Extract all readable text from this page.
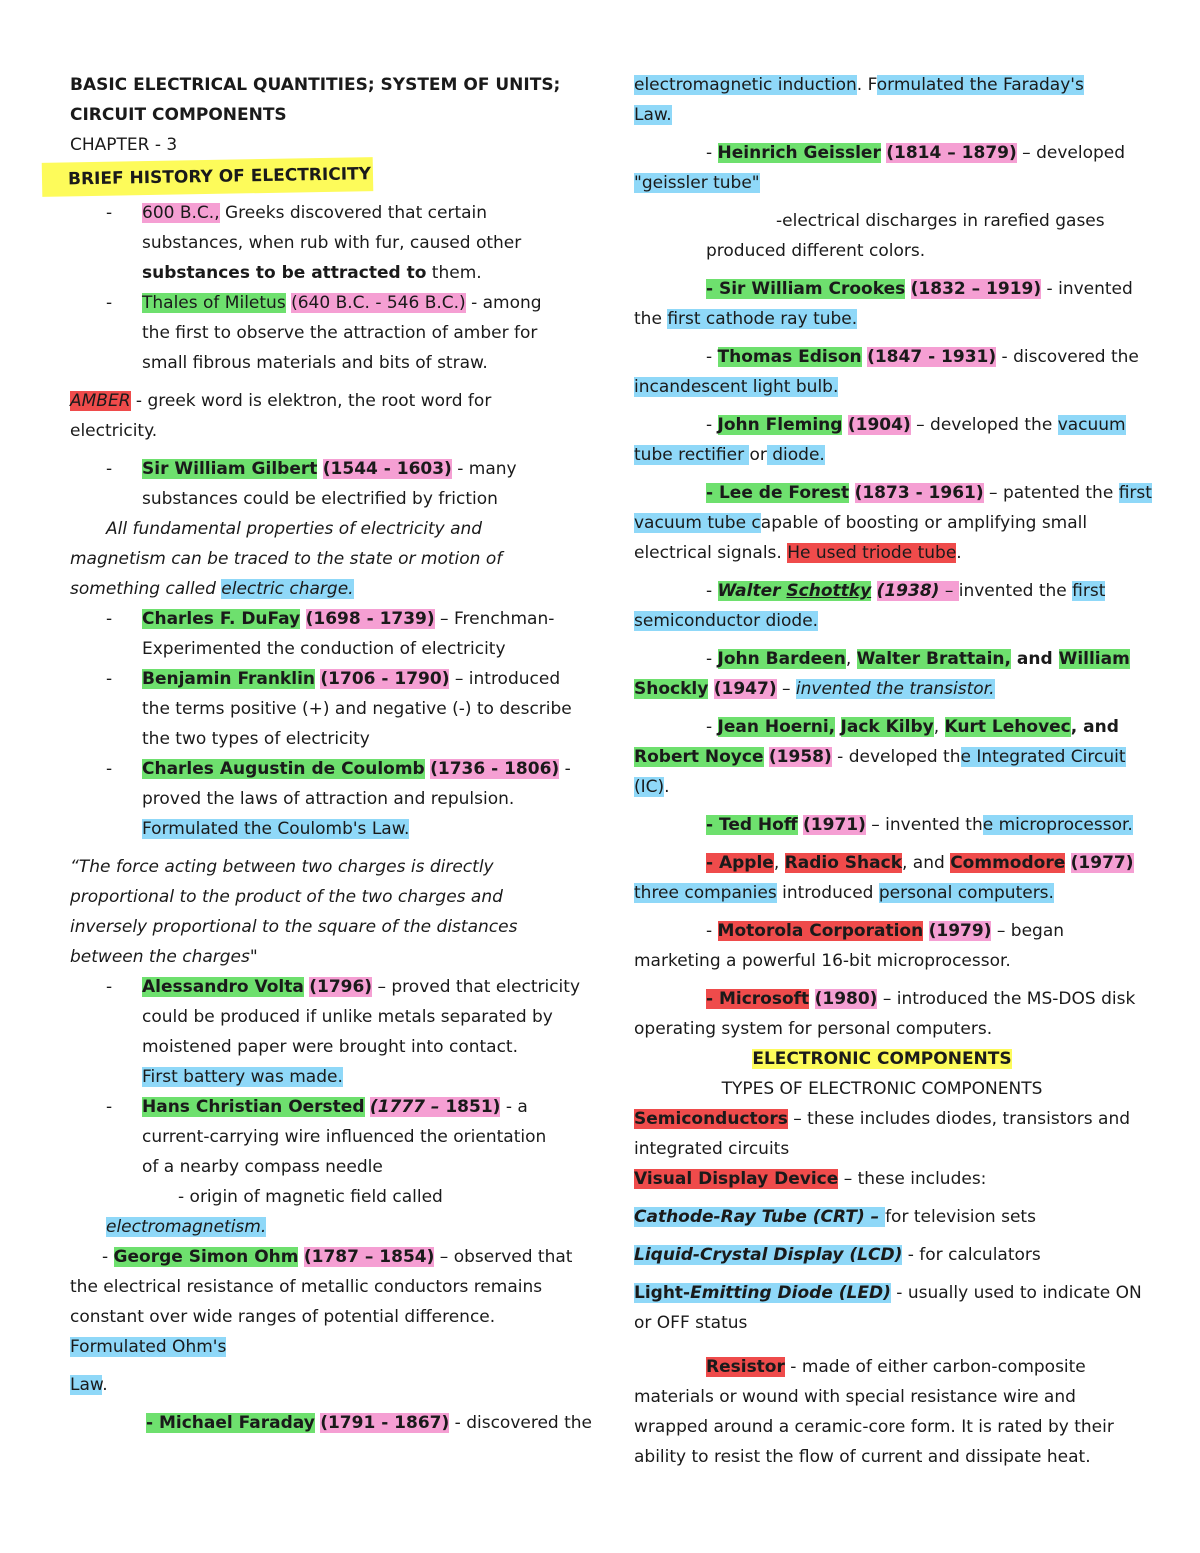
BASIC ELECTRICAL QUANTITIES; SYSTEM OF UNITS;
CIRCUIT COMPONENTS
CHAPTER - 3
BRIEF HISTORY OF ELECTRICITY
- 600 B.C., Greeks discovered that certain
substances, when rub with fur, caused other
substances to be attracted to them.
- Thales of Miletus (640 B.C. - 546 B.C.) - among
the first to observe the attraction of amber for
small fibrous materials and bits of straw.
AMBER - greek word is elektron, the root word for
electricity.
- Sir William Gilbert (1544 - 1603) - many
substances could be electrified by friction
All fundamental properties of electricity and
magnetism can be traced to the state or motion of
something called electric charge.
- Charles F. DuFay (1698 - 1739) – Frenchman-
Experimented the conduction of electricity
- Benjamin Franklin (1706 - 1790) – introduced
the terms positive (+) and negative (-) to describe
the two types of electricity
- Charles Augustin de Coulomb (1736 - 1806) -
proved the laws of attraction and repulsion.
Formulated the Coulomb's Law.
“The force acting between two charges is directly
proportional to the product of the two charges and
inversely proportional to the square of the distances
between the charges"
- Alessandro Volta (1796) – proved that electricity
could be produced if unlike metals separated by
moistened paper were brought into contact.
First battery was made.
- Hans Christian Oersted (1777 – 1851) - a
current-carrying wire influenced the orientation
of a nearby compass needle
- origin of magnetic field called
electromagnetism.
- George Simon Ohm (1787 – 1854) – observed that
the electrical resistance of metallic conductors remains
constant over wide ranges of potential difference.
Formulated Ohm's
Law.
- Michael Faraday (1791 - 1867) - discovered the
electromagnetic induction. Formulated the Faraday's
Law.
- Heinrich Geissler (1814 – 1879) – developed
"geissler tube"
-electrical discharges in rarefied gases
produced different colors.
- Sir William Crookes (1832 – 1919) - invented
the first cathode ray tube.
- Thomas Edison (1847 - 1931) - discovered the
incandescent light bulb.
- John Fleming (1904) – developed the vacuum
tube rectifier or diode.
- Lee de Forest (1873 - 1961) – patented the first
vacuum tube capable of boosting or amplifying small
electrical signals. He used triode tube.
- Walter Schottky (1938) – invented the first
semiconductor diode.
- John Bardeen, Walter Brattain, and William
Shockly (1947) – invented the transistor.
- Jean Hoerni, Jack Kilby, Kurt Lehovec, and
Robert Noyce (1958) - developed the Integrated Circuit
(IC).
- Ted Hoff (1971) – invented the microprocessor.
- Apple, Radio Shack, and Commodore (1977)
three companies introduced personal computers.
- Motorola Corporation (1979) – began
marketing a powerful 16-bit microprocessor.
- Microsoft (1980) – introduced the MS-DOS disk
operating system for personal computers.
ELECTRONIC COMPONENTS
TYPES OF ELECTRONIC COMPONENTS
Semiconductors – these includes diodes, transistors and
integrated circuits
Visual Display Device – these includes:
Cathode-Ray Tube (CRT) – for television sets
Liquid-Crystal Display (LCD) - for calculators
Light-Emitting Diode (LED) - usually used to indicate ON
or OFF status
Resistor - made of either carbon-composite
materials or wound with special resistance wire and
wrapped around a ceramic-core form. It is rated by their
ability to resist the flow of current and dissipate heat.
